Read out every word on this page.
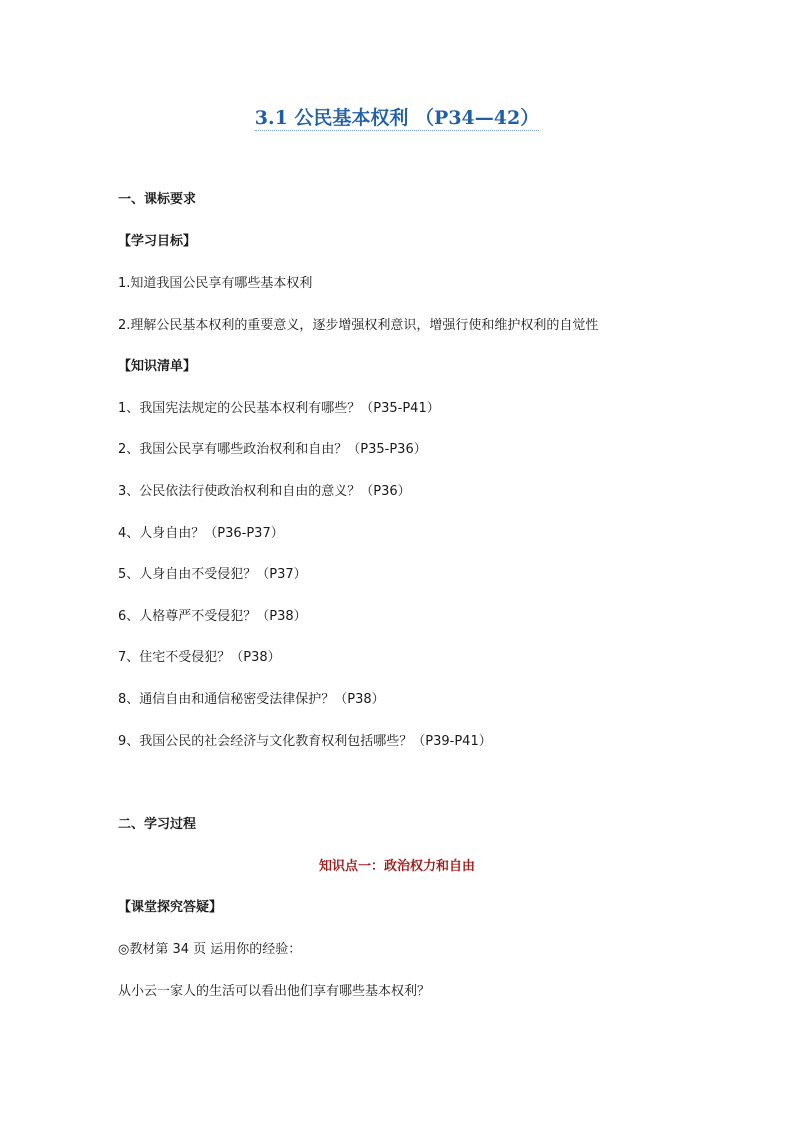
3.1 公民基本权利 （P34—42）
一、课标要求
【学习目标】
1.知道我国公民享有哪些基本权利
2.理解公民基本权利的重要意义，逐步增强权利意识，增强行使和维护权利的自觉性
【知识清单】
1、我国宪法规定的公民基本权利有哪些？（P35-P41）
2、我国公民享有哪些政治权利和自由？（P35-P36）
3、公民依法行使政治权利和自由的意义？（P36）
4、人身自由？（P36-P37）
5、人身自由不受侵犯？（P37）
6、人格尊严不受侵犯？（P38）
7、住宅不受侵犯？（P38）
8、通信自由和通信秘密受法律保护？（P38）
9、我国公民的社会经济与文化教育权利包括哪些？（P39-P41）
二、学习过程
知识点一：政治权力和自由
【课堂探究答疑】
◎教材第 34 页 运用你的经验：
从小云一家人的生活可以看出他们享有哪些基本权利？
